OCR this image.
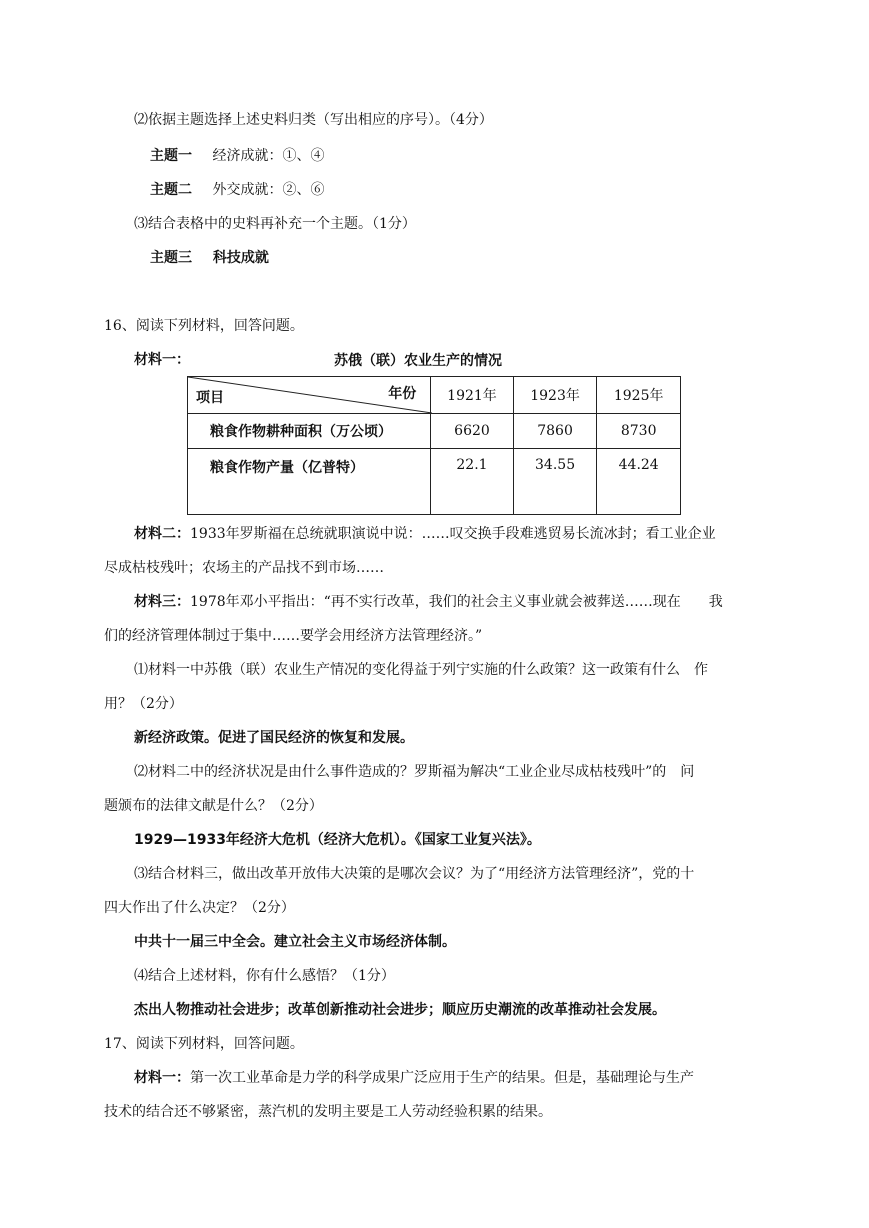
⑵依据主题选择上述史料归类（写出相应的序号）。（4分）
主题一 经济成就：①、④
主题二 外交成就：②、⑥
⑶结合表格中的史料再补充一个主题。（1分）
主题三 科技成就
16、阅读下列材料，回答问题。
材料一：	苏俄（联）农业生产的情况
项目 年份	1921年	1923年	1925年
粮食作物耕种面积（万公顷）	6620	7860	8730
粮食作物产量（亿普特）	22.1	34.55	44.24
材料二：1933年罗斯福在总统就职演说中说：……叹交换手段难逃贸易长流冰封；看工业企业
尽成枯枝残叶；农场主的产品找不到市场……
材料三：1978年邓小平指出：“再不实行改革，我们的社会主义事业就会被葬送……现在　　我
们的经济管理体制过于集中……要学会用经济方法管理经济。”
⑴材料一中苏俄（联）农业生产情况的变化得益于列宁实施的什么政策？这一政策有什么　作
用？（2分）
新经济政策。促进了国民经济的恢复和发展。
⑵材料二中的经济状况是由什么事件造成的？罗斯福为解决“工业企业尽成枯枝残叶”的　问
题颁布的法律文献是什么？（2分）
1929—1933年经济大危机（经济大危机）。《国家工业复兴法》。
⑶结合材料三，做出改革开放伟大决策的是哪次会议？为了“用经济方法管理经济”，党的十
四大作出了什么决定？（2分）
中共十一届三中全会。建立社会主义市场经济体制。
⑷结合上述材料，你有什么感悟？（1分）
杰出人物推动社会进步；改革创新推动社会进步；顺应历史潮流的改革推动社会发展。
17、阅读下列材料，回答问题。
材料一：第一次工业革命是力学的科学成果广泛应用于生产的结果。但是，基础理论与生产
技术的结合还不够紧密，蒸汽机的发明主要是工人劳动经验积累的结果。
